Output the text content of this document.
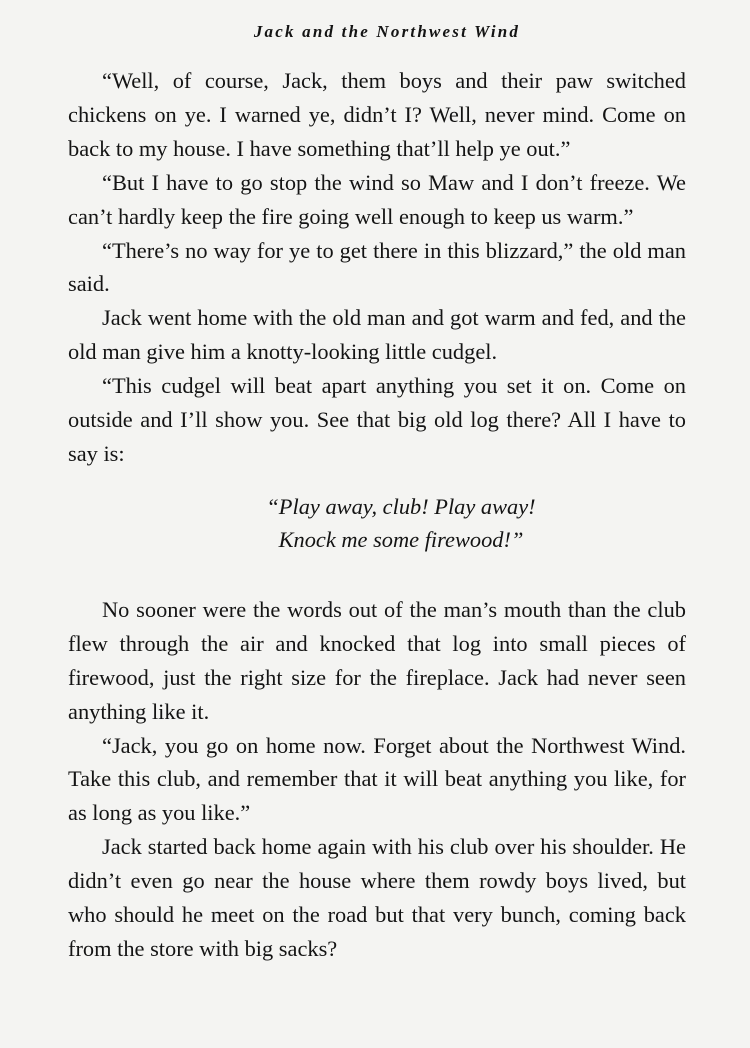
Jack and the Northwest Wind

“Well, of course, Jack, them boys and their paw switched chickens on ye. I warned ye, didn’t I? Well, never mind. Come on back to my house. I have something that’ll help ye out.”

“But I have to go stop the wind so Maw and I don’t freeze. We can’t hardly keep the fire going well enough to keep us warm.”

“There’s no way for ye to get there in this blizzard,” the old man said.

Jack went home with the old man and got warm and fed, and the old man give him a knotty-looking little cudgel.

“This cudgel will beat apart anything you set it on. Come on outside and I’ll show you. See that big old log there? All I have to say is:

“Play away, club! Play away!
Knock me some firewood!”

No sooner were the words out of the man’s mouth than the club flew through the air and knocked that log into small pieces of firewood, just the right size for the fireplace. Jack had never seen anything like it.

“Jack, you go on home now. Forget about the Northwest Wind. Take this club, and remember that it will beat anything you like, for as long as you like.”

Jack started back home again with his club over his shoulder. He didn’t even go near the house where them rowdy boys lived, but who should he meet on the road but that very bunch, coming back from the store with big sacks?
